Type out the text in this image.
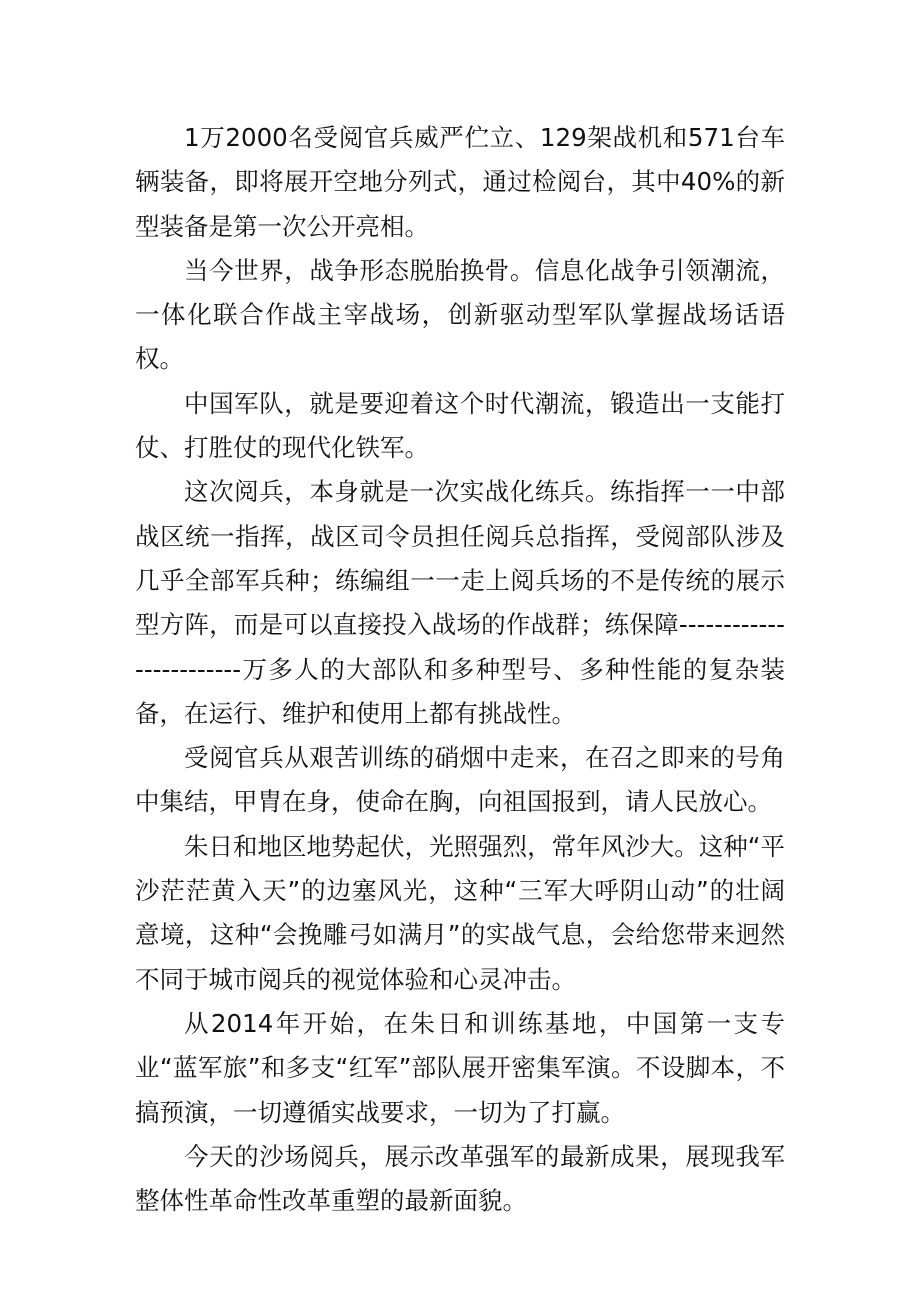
1万2000名受阅官兵威严伫立、129架战机和571台车辆装备，即将展开空地分列式，通过检阅台，其中40%的新型装备是第一次公开亮相。

当今世界，战争形态脱胎换骨。信息化战争引领潮流，一体化联合作战主宰战场，创新驱动型军队掌握战场话语权。

中国军队，就是要迎着这个时代潮流，锻造出一支能打仗、打胜仗的现代化铁军。

这次阅兵，本身就是一次实战化练兵。练指挥一一中部战区统一指挥，战区司令员担任阅兵总指挥，受阅部队涉及几乎全部军兵种；练编组一一走上阅兵场的不是传统的展示型方阵，而是可以直接投入战场的作战群；练保障------------------------万多人的大部队和多种型号、多种性能的复杂装备，在运行、维护和使用上都有挑战性。

受阅官兵从艰苦训练的硝烟中走来，在召之即来的号角中集结，甲胄在身，使命在胸，向祖国报到，请人民放心。

朱日和地区地势起伏，光照强烈，常年风沙大。这种“平沙茫茫黄入天”的边塞风光，这种“三军大呼阴山动”的壮阔意境，这种“会挽雕弓如满月”的实战气息，会给您带来迥然不同于城市阅兵的视觉体验和心灵冲击。

从2014年开始，在朱日和训练基地，中国第一支专业“蓝军旅”和多支“红军”部队展开密集军演。不设脚本，不搞预演，一切遵循实战要求，一切为了打赢。

今天的沙场阅兵，展示改革强军的最新成果，展现我军整体性革命性改革重塑的最新面貌。
